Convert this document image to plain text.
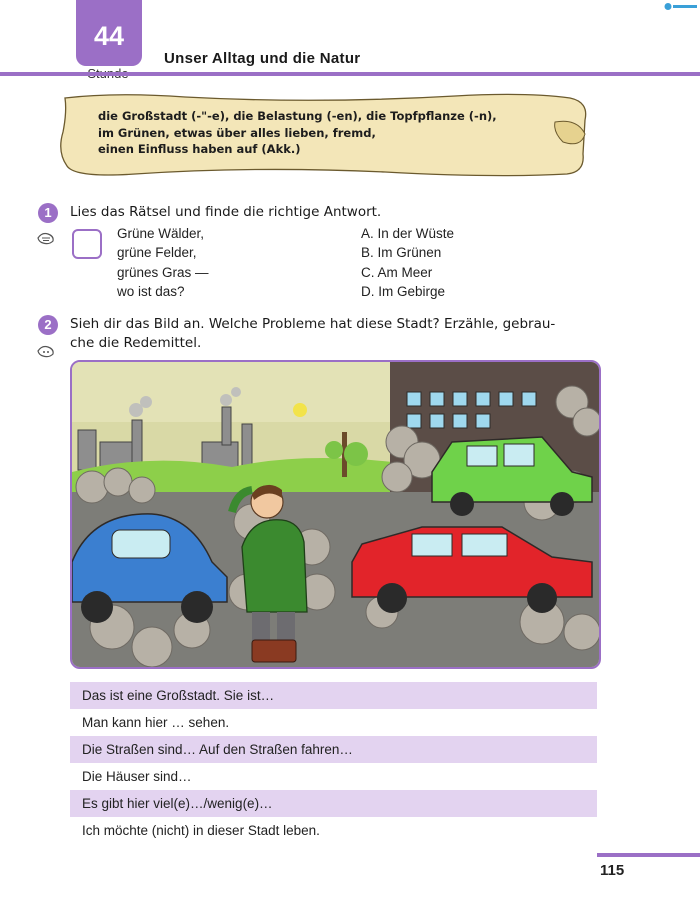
44
Unser Alltag und die Natur
die Großstadt (-"-e), die Belastung (-en), die Topfpflanze (-n),
im Grünen, etwas über alles lieben, fremd,
einen Einfluss haben auf (Akk.)
1	Lies das Rätsel und finde die richtige Antwort.
Grüne Wälder,
grüne Felder,
grünes Gras —
wo ist das?
A. In der Wüste
B. Im Grünen
C. Am Meer
D. Im Gebirge
2	Sieh dir das Bild an. Welche Probleme hat diese Stadt? Erzähle, gebrau-
che die Redemittel.
Das ist eine Großstadt. Sie ist…
Man kann hier … sehen.
Die Straßen sind… Auf den Straßen fahren…
Die Häuser sind…
Es gibt hier viel(e)…/wenig(e)…
Ich möchte (nicht) in dieser Stadt leben.
115
